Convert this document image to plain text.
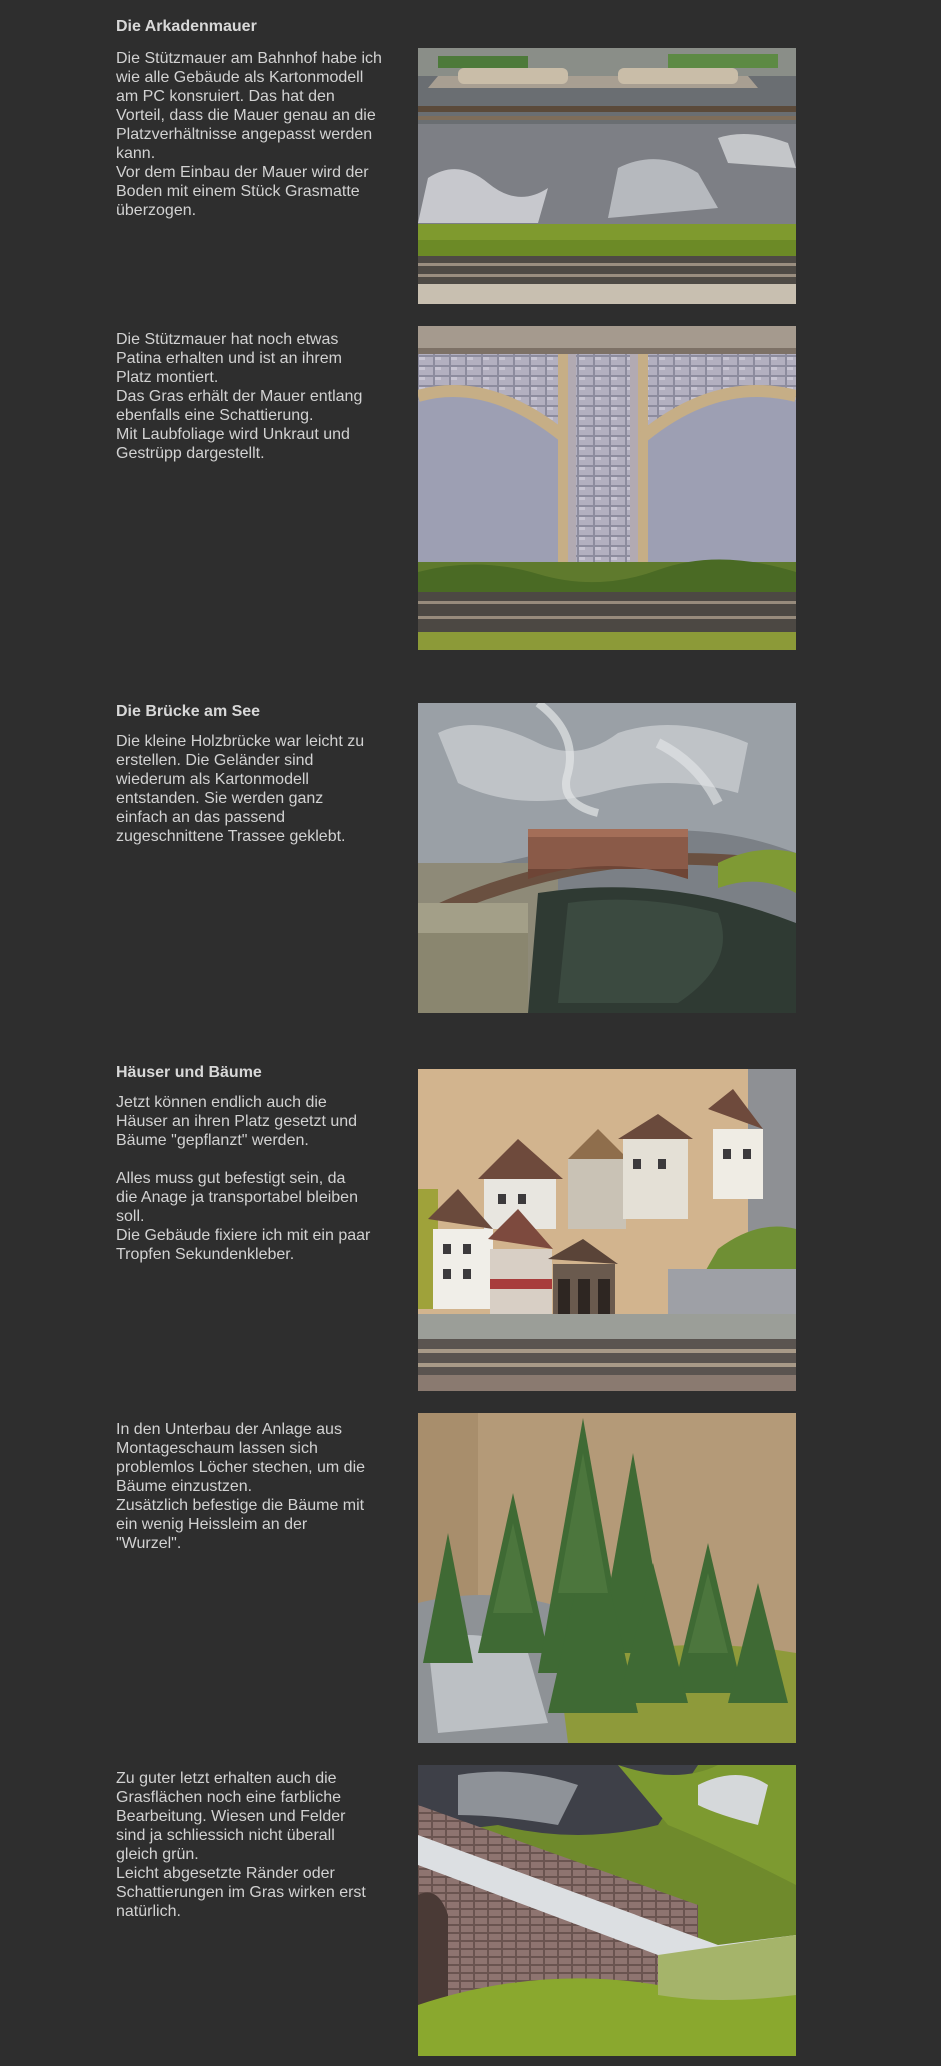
Die Arkadenmauer

Die Stützmauer am Bahnhof habe ich
wie alle Gebäude als Kartonmodell
am PC konsruiert. Das hat den
Vorteil, dass die Mauer genau an die
Platzverhältnisse angepasst werden
kann.
Vor dem Einbau der Mauer wird der
Boden mit einem Stück Grasmatte
überzogen.

Die Stützmauer hat noch etwas
Patina erhalten und ist an ihrem
Platz montiert.
Das Gras erhält der Mauer entlang
ebenfalls eine Schattierung.
Mit Laubfoliage wird Unkraut und
Gestrüpp dargestellt.

Die Brücke am See

Die kleine Holzbrücke war leicht zu
erstellen. Die Geländer sind
wiederum als Kartonmodell
entstanden. Sie werden ganz
einfach an das passend
zugeschnittene Trassee geklebt.

Häuser und Bäume

Jetzt können endlich auch die
Häuser an ihren Platz gesetzt und
Bäume "gepflanzt" werden.
Alles muss gut befestigt sein, da
die Anage ja transportabel bleiben
soll.
Die Gebäude fixiere ich mit ein paar
Tropfen Sekundenkleber.

In den Unterbau der Anlage aus
Montageschaum lassen sich
problemlos Löcher stechen, um die
Bäume einzustzen.
Zusätzlich befestige die Bäume mit
ein wenig Heissleim an der
"Wurzel".

Zu guter letzt erhalten auch die
Grasflächen noch eine farbliche
Bearbeitung. Wiesen und Felder
sind ja schliessich nicht überall
gleich grün.
Leicht abgesetzte Ränder oder
Schattierungen im Gras wirken erst
natürlich.
